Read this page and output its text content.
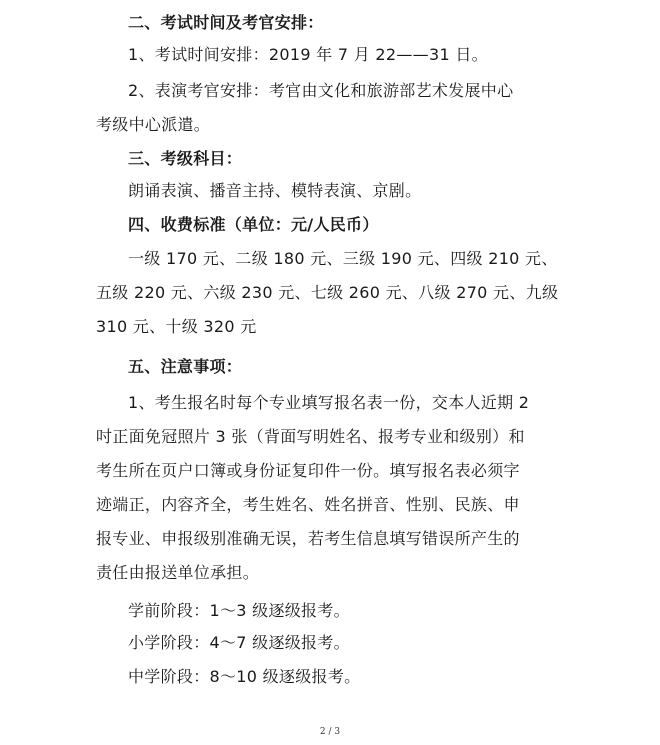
二、考试时间及考官安排：
1、考试时间安排：2019 年 7 月 22——31 日。
2、表演考官安排：考官由文化和旅游部艺术发展中心
考级中心派遣。
三、考级科目：
朗诵表演、播音主持、模特表演、京剧。
四、收费标准（单位：元/人民币）
一级 170 元、二级 180 元、三级 190 元、四级 210 元、
五级 220 元、六级 230 元、七级 260 元、八级 270 元、九级
310 元、十级 320 元
五、注意事项：
1、考生报名时每个专业填写报名表一份，交本人近期 2
吋正面免冠照片 3 张（背面写明姓名、报考专业和级别）和
考生所在页户口簿或身份证复印件一份。填写报名表必须字
迹端正，内容齐全，考生姓名、姓名拼音、性别、民族、申
报专业、申报级别准确无误，若考生信息填写错误所产生的
责任由报送单位承担。
学前阶段：1～3 级逐级报考。
小学阶段：4～7 级逐级报考。
中学阶段：8～10 级逐级报考。
2 / 3
